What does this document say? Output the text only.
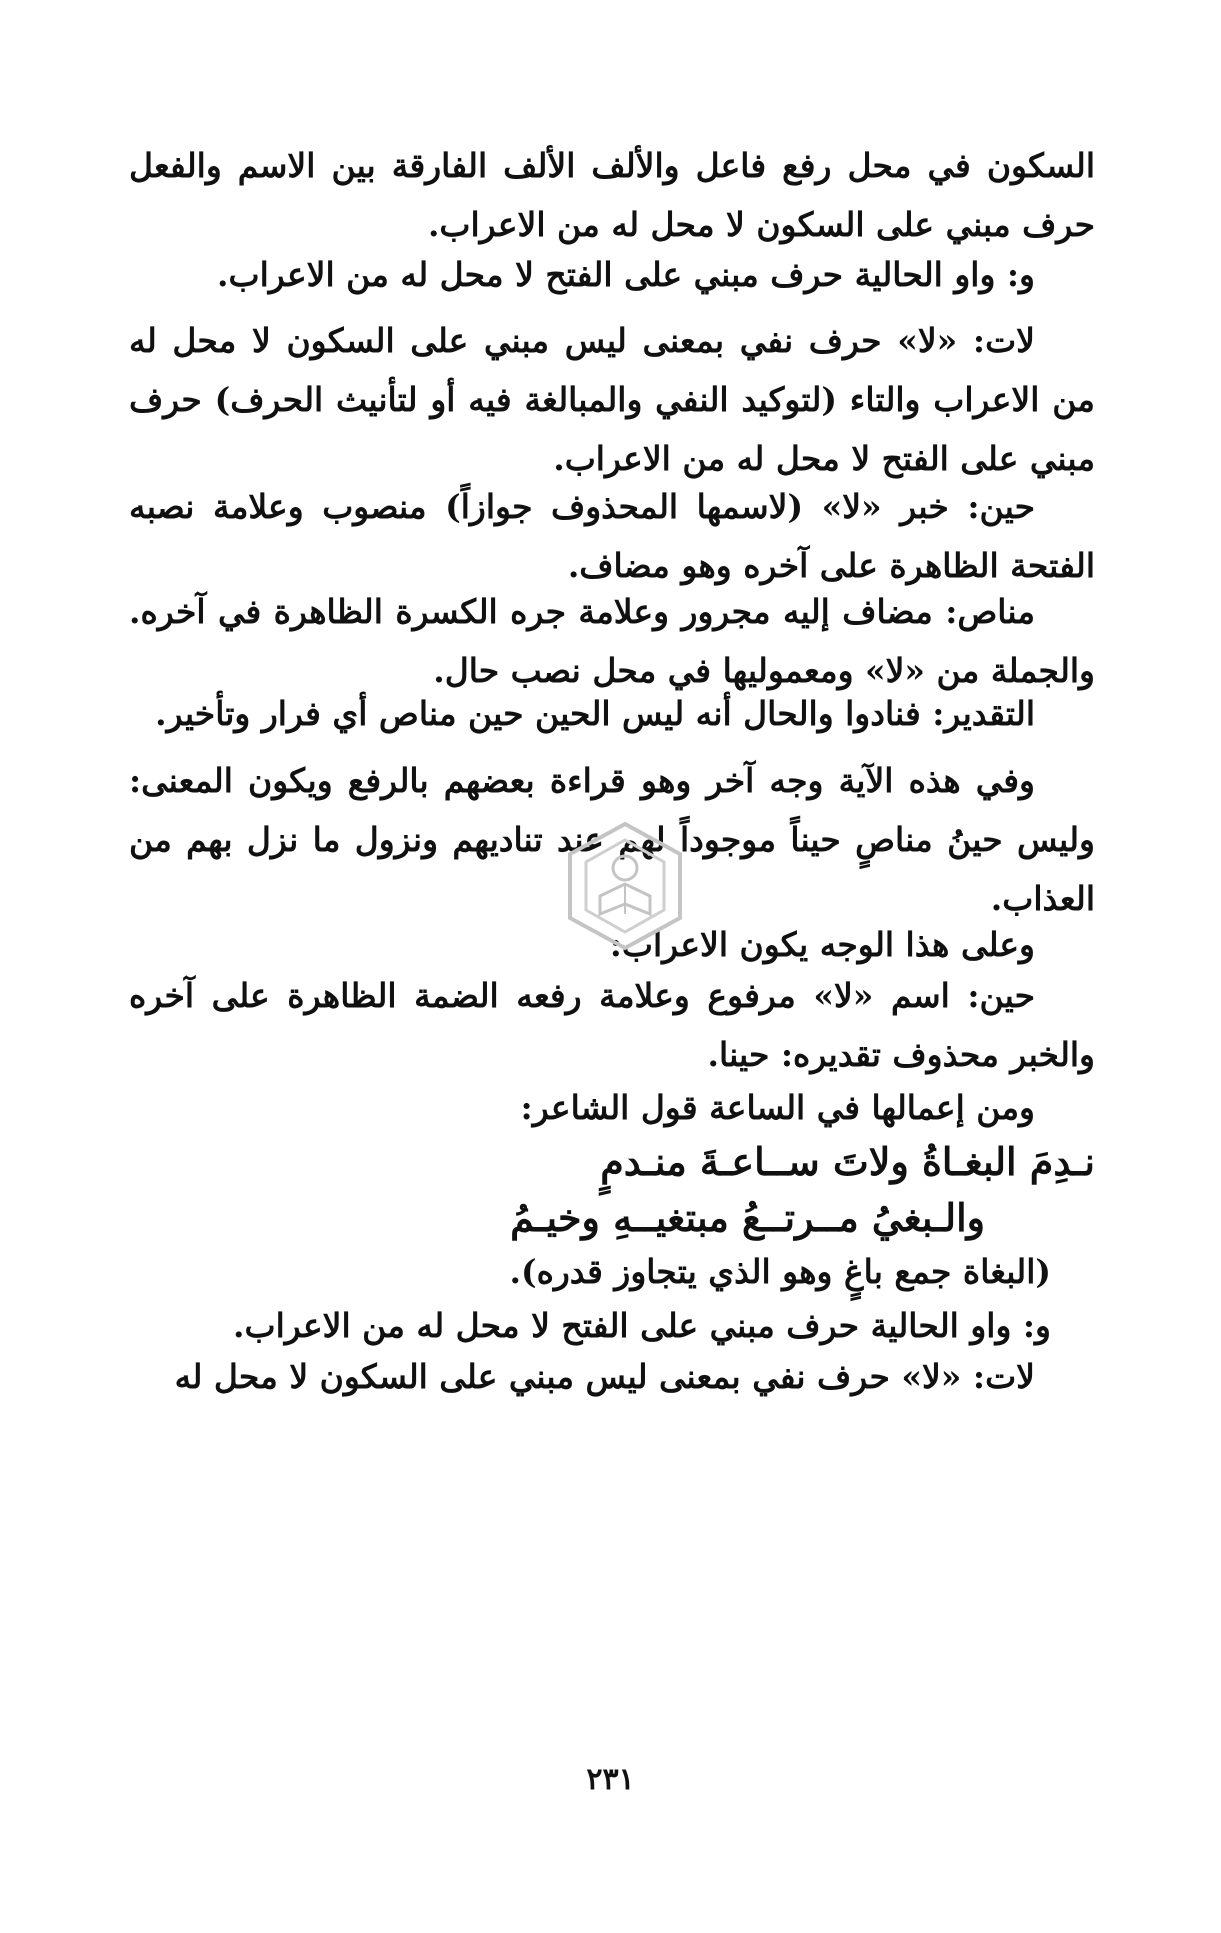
السكون في محل رفع فاعل والألف الألف الفارقة بين الاسم والفعل حرف مبني على السكون لا محل له من الاعراب.

و: واو الحالية حرف مبني على الفتح لا محل له من الاعراب.

لات: «لا» حرف نفي بمعنى ليس مبني على السكون لا محل له من الاعراب والتاء (لتوكيد النفي والمبالغة فيه أو لتأنيث الحرف) حرف مبني على الفتح لا محل له من الاعراب.

حين: خبر «لا» (لاسمها المحذوف جوازاً) منصوب وعلامة نصبه الفتحة الظاهرة على آخره وهو مضاف.

مناص: مضاف إليه مجرور وعلامة جره الكسرة الظاهرة في آخره. والجملة من «لا» ومعموليها في محل نصب حال.

التقدير: فنادوا والحال أنه ليس الحين حين مناص أي فرار وتأخير.

وفي هذه الآية وجه آخر وهو قراءة بعضهم بالرفع ويكون المعنى: وليس حينُ مناصٍ حيناً موجوداً لهم عند تناديهم ونزول ما نزل بهم من العذاب.

وعلى هذا الوجه يكون الاعراب:

حين: اسم «لا» مرفوع وعلامة رفعه الضمة الظاهرة على آخره والخبر محذوف تقديره: حينا.

ومن إعمالها في الساعة قول الشاعر:

نـدِمَ البغـاةُ ولاتَ ســاعـةَ منـدمٍ
والـبغيُ مــرتــعُ مبتغيــهِ وخيـمُ

(البغاة جمع باغٍ وهو الذي يتجاوز قدره).

و: واو الحالية حرف مبني على الفتح لا محل له من الاعراب.

لات: «لا» حرف نفي بمعنى ليس مبني على السكون لا محل له

٢٣١
